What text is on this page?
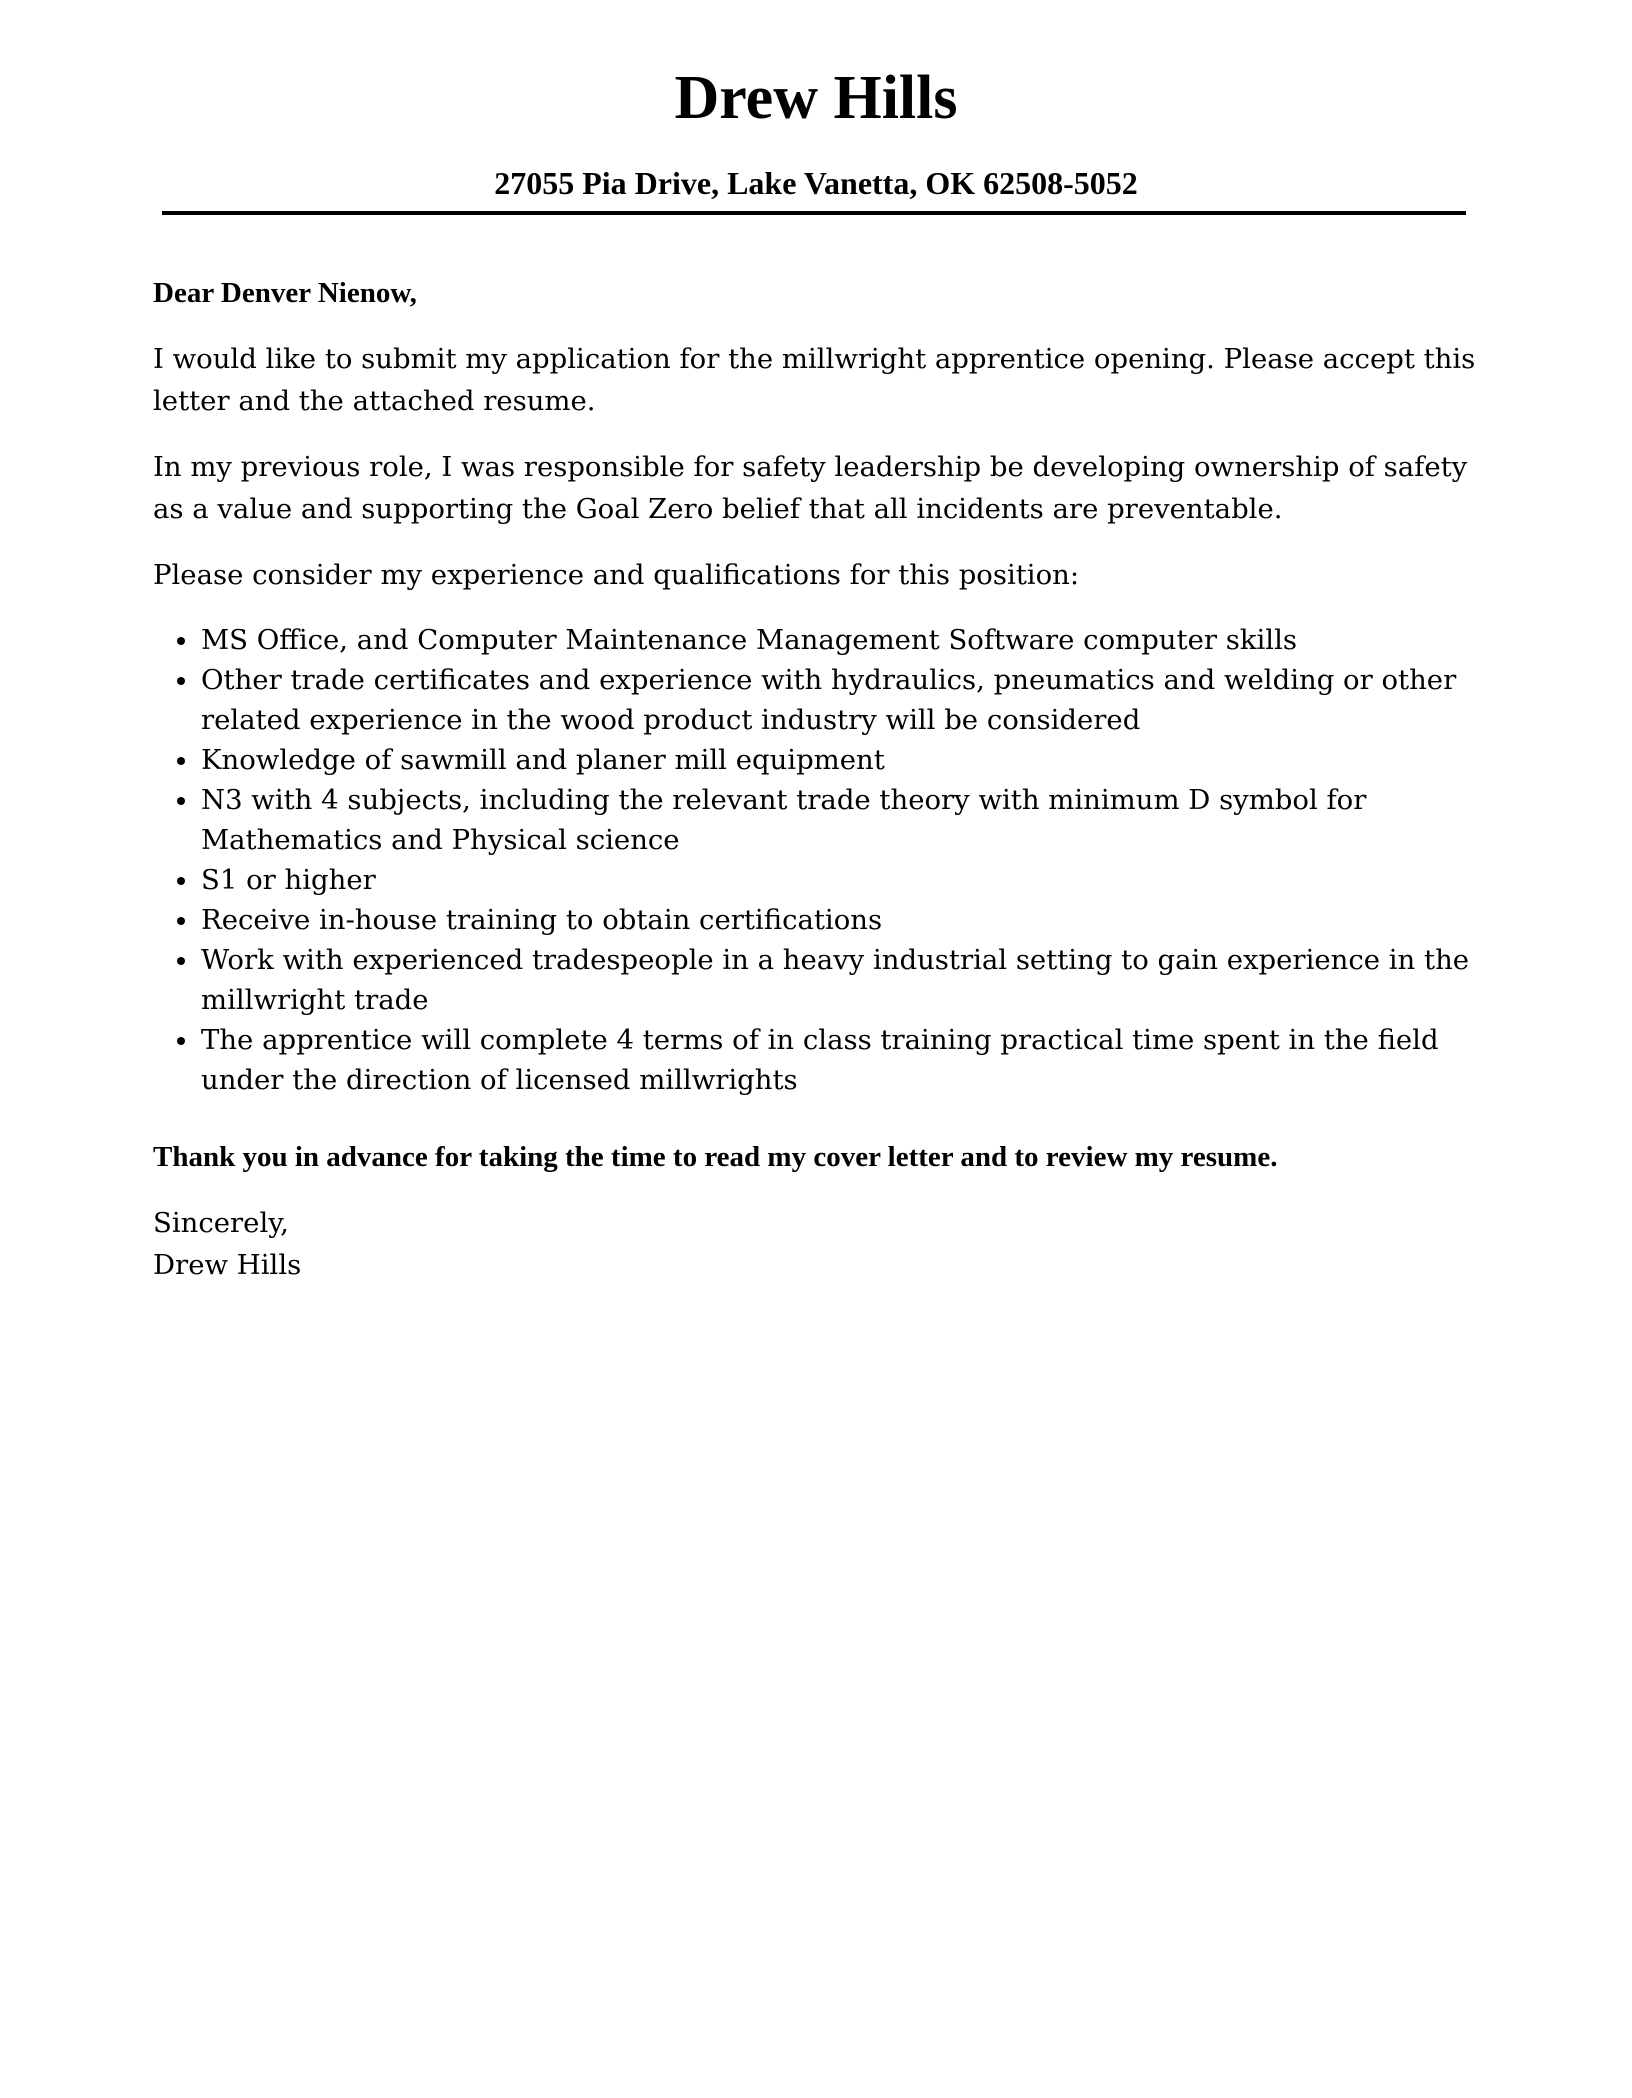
Drew Hills

27055 Pia Drive, Lake Vanetta, OK 62508-5052

Dear Denver Nienow,

I would like to submit my application for the millwright apprentice opening. Please accept this letter and the attached resume.

In my previous role, I was responsible for safety leadership be developing ownership of safety as a value and supporting the Goal Zero belief that all incidents are preventable.

Please consider my experience and qualifications for this position:

MS Office, and Computer Maintenance Management Software computer skills
Other trade certificates and experience with hydraulics, pneumatics and welding or other related experience in the wood product industry will be considered
Knowledge of sawmill and planer mill equipment
N3 with 4 subjects, including the relevant trade theory with minimum D symbol for Mathematics and Physical science
S1 or higher
Receive in-house training to obtain certifications
Work with experienced tradespeople in a heavy industrial setting to gain experience in the millwright trade
The apprentice will complete 4 terms of in class training practical time spent in the field under the direction of licensed millwrights

Thank you in advance for taking the time to read my cover letter and to review my resume.

Sincerely,

Drew Hills
